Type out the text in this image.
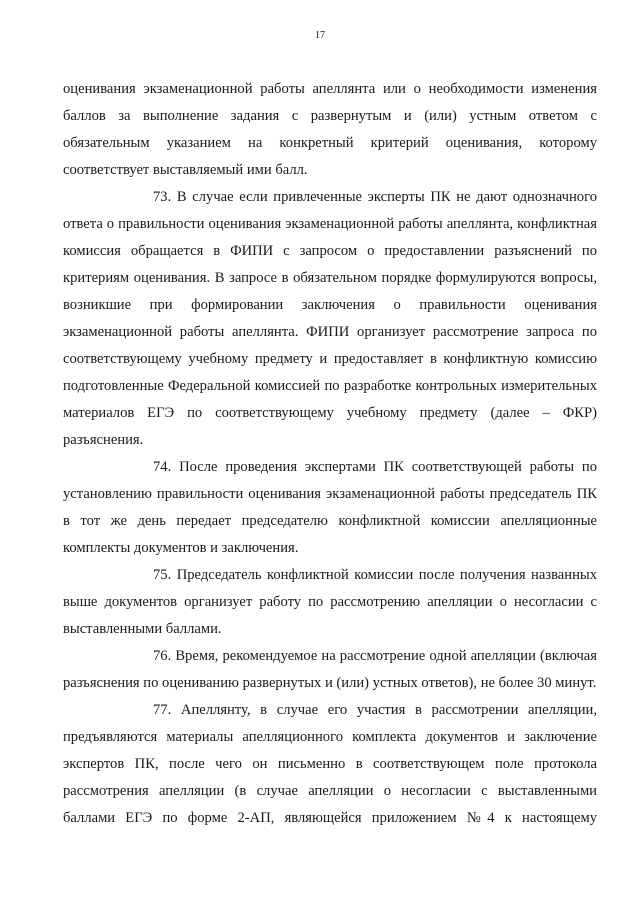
17

оценивания экзаменационной работы апеллянта или о необходимости изменения баллов за выполнение задания с развернутым и (или) устным ответом с обязательным указанием на конкретный критерий оценивания, которому соответствует выставляемый ими балл.

73. В случае если привлеченные эксперты ПК не дают однозначного ответа о правильности оценивания экзаменационной работы апеллянта, конфликтная комиссия обращается в ФИПИ с запросом о предоставлении разъяснений по критериям оценивания. В запросе в обязательном порядке формулируются вопросы, возникшие при формировании заключения о правильности оценивания экзаменационной работы апеллянта. ФИПИ организует рассмотрение запроса по соответствующему учебному предмету и предоставляет в конфликтную комиссию подготовленные Федеральной комиссией по разработке контрольных измерительных материалов ЕГЭ по соответствующему учебному предмету (далее – ФКР) разъяснения.

74. После проведения экспертами ПК соответствующей работы по установлению правильности оценивания экзаменационной работы председатель ПК в тот же день передает председателю конфликтной комиссии апелляционные комплекты документов и заключения.

75. Председатель конфликтной комиссии после получения названных выше документов организует работу по рассмотрению апелляции о несогласии с выставленными баллами.

76. Время, рекомендуемое на рассмотрение одной апелляции (включая разъяснения по оцениванию развернутых и (или) устных ответов), не более 30 минут.

77. Апеллянту, в случае его участия в рассмотрении апелляции, предъявляются материалы апелляционного комплекта документов и заключение экспертов ПК, после чего он письменно в соответствующем поле протокола рассмотрения апелляции (в случае апелляции о несогласии с выставленными баллами ЕГЭ по форме 2-АП, являющейся приложением №4 к настоящему
